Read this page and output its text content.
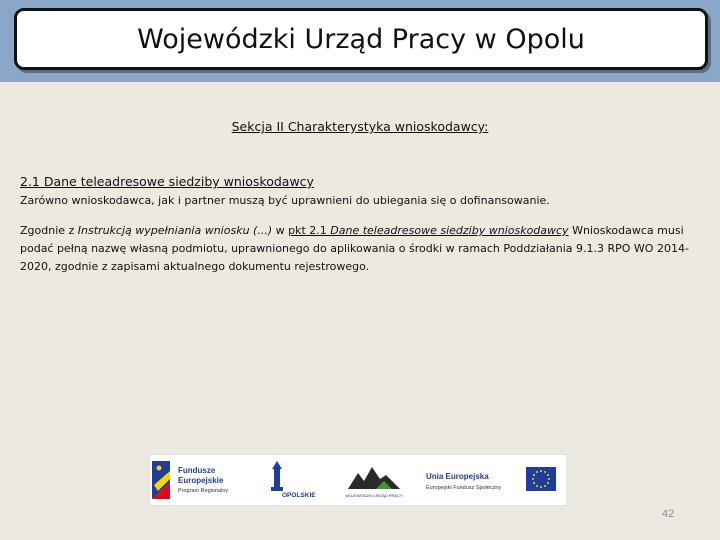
Wojewódzki Urząd Pracy w Opolu
Sekcja II Charakterystyka wnioskodawcy:
2.1 Dane teleadresowe siedziby wnioskodawcy
Zarówno wnioskodawca, jak i partner muszą być uprawnieni do ubiegania się o dofinansowanie.
Zgodnie z Instrukcją wypełniania wniosku (...) w pkt 2.1 Dane teleadresowe siedziby wnioskodawcy Wnioskodawca musi podać pełną nazwę własną podmiotu, uprawnionego do aplikowania o środki w ramach Poddziałania 9.1.3 RPO WO 2014-2020, zgodnie z zapisami aktualnego dokumentu rejestrowego.
Fundusze
Europejskie
Program Regionalny
OPOLSKIE	WOJEWÓDZKI URZĄD PRACY
Unia Europejska
Europejski Fundusz Społeczny
42
